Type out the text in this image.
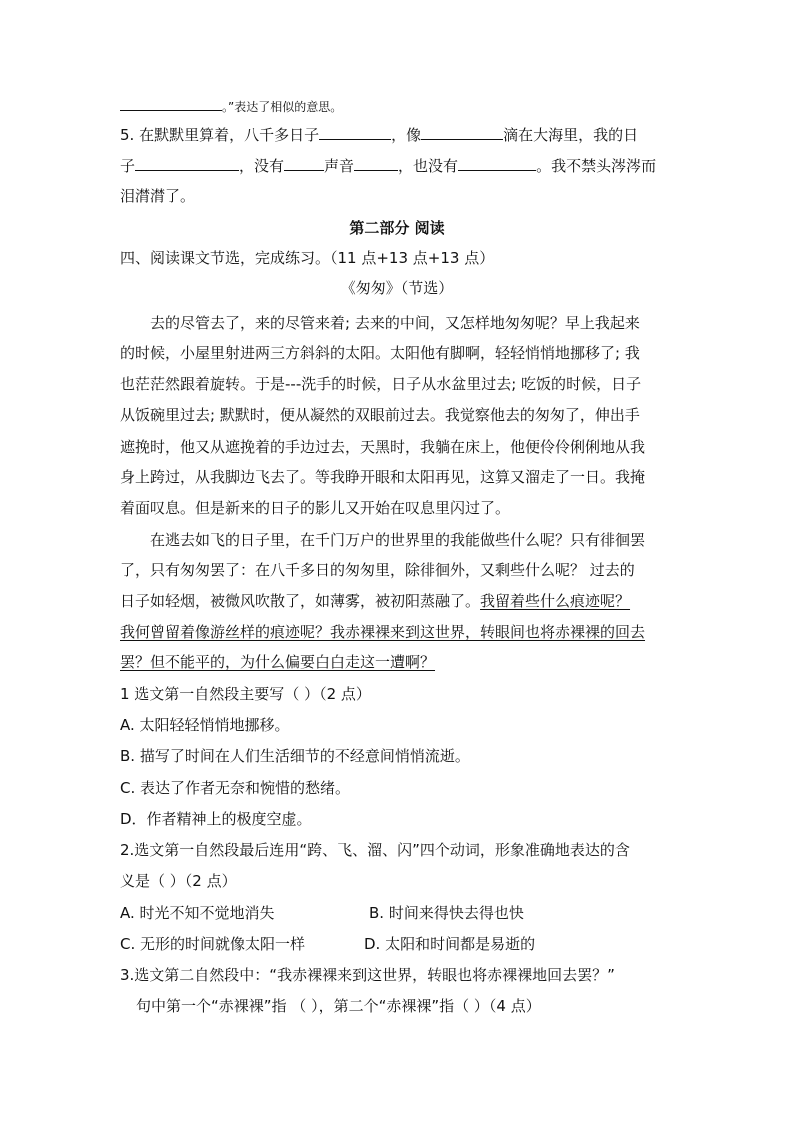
。”表达了相似的意思。
5. 在默默里算着，八千多日子	，像	滴在大海里，我的日
子	，没有	声音	，也没有	。我不禁头涔涔而
泪潸潸了。
第二部分 阅读
四、阅读课文节选，完成练习。（11 点+13 点+13 点）
《匆匆》（节选）
去的尽管去了，来的尽管来着; 去来的中间，又怎样地匆匆呢？早上我起来
的时候，小屋里射进两三方斜斜的太阳。太阳他有脚啊，轻轻悄悄地挪移了; 我
也茫茫然跟着旋转。于是---洗手的时候，日子从水盆里过去; 吃饭的时候，日子
从饭碗里过去; 默默时，便从凝然的双眼前过去。我觉察他去的匆匆了，伸出手
遮挽时，他又从遮挽着的手边过去，天黑时，我躺在床上，他便伶伶俐俐地从我
身上跨过，从我脚边飞去了。等我睁开眼和太阳再见，这算又溜走了一日。我掩
着面叹息。但是新来的日子的影儿又开始在叹息里闪过了。
在逃去如飞的日子里，在千门万户的世界里的我能做些什么呢？只有徘徊罢
了，只有匆匆罢了：在八千多日的匆匆里，除徘徊外，又剩些什么呢？ 过去的
日子如轻烟，被微风吹散了，如薄雾，被初阳蒸融了。我留着些什么痕迹呢？
我何曾留着像游丝样的痕迹呢？我赤裸裸来到这世界，转眼间也将赤裸裸的回去
罢？但不能平的，为什么偏要白白走这一遭啊？
1 选文第一自然段主要写（ ）（2 点）
A. 太阳轻轻悄悄地挪移。
B. 描写了时间在人们生活细节的不经意间悄悄流逝。
C. 表达了作者无奈和惋惜的愁绪。
D．作者精神上的极度空虚。
2.选文第一自然段最后连用“跨、飞、溜、闪”四个动词，形象准确地表达的含
义是（ ）（2 点）
A. 时光不知不觉地消失	B. 时间来得快去得也快
C. 无形的时间就像太阳一样	D. 太阳和时间都是易逝的
3.选文第二自然段中：“我赤裸裸来到这世界，转眼也将赤裸裸地回去罢？”
句中第一个“赤裸裸”指 （ ），第二个“赤裸裸”指（ ）（4 点）
